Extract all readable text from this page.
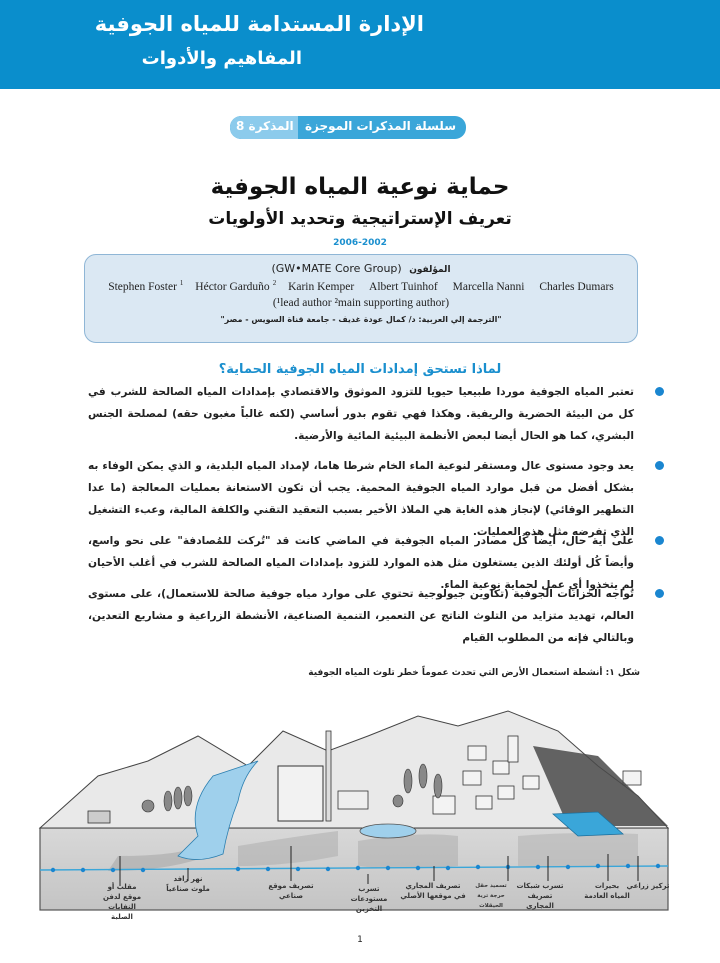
الإدارة المستدامة للمياه الجوفية
المفاهيم والأدوات
سلسلة المذكرات الموجزة
المذكرة 8
حماية نوعية المياه الجوفية
تعريف الإستراتيجية وتحديد الأولويات
2006-2002
(GW•MATE Core Group) المؤلفون
Stephen Foster $^1$ Héctor Garduño $^2$ Karin Kemper Albert Tuinhof Marcella Nanni Charles Dumars
(¹lead author ²main supporting author)
"الترجمة إلي العربية: د/ كمال عودة غديف - جامعة قناة السويس - مصر"
لماذا تستحق إمدادات المياه الجوفية الحماية؟
تعتبر المياه الجوفية موردا طبيعيا حيويا للتزود الموثوق والاقتصادي بإمدادات المياه الصالحة للشرب في كل من البيئة الحضرية والريفية. وهكذا فهي تقوم بدور أساسي (لكنه غالباً مغبون حقه) لمصلحة الجنس البشري، كما هو الحال أيضا لبعض الأنظمة البيئية المائية والأرضية.
يعد وجود مستوى عال ومستقر لنوعية الماء الخام شرطا هاما، لإمداد المياه البلدية، و الذي يمكن الوفاء به بشكل أفضل من قبل موارد المياه الجوفية المحمية. يجب أن تكون الاستعانة بعمليات المعالجة (ما عدا التطهير الوقائي) لإنجاز هذه الغاية هي الملاذ الأخير بسبب التعقيد التقني والكلفة المالية، وعبء التشغيل الذي تفرضه مثل هذه العمليات.
على أية حال، أيضاً كُل مصادر المياه الجوفية في الماضي كانت قد "تُركت للمُصادفة" على نحو واسع، وأيضاً كُل أولئك الذين يستغلون مثل هذه الموارد للتزود بإمدادات المياه الصالحة للشرب في أغلب الأحيان لم يتخذوا أي عمل لحماية نوعية الماء.
تُواجه الخزانات الجوفية (تكاوين جيولوجية تحتوي على موارد مياه جوفية صالحة للاستعمال)، على مستوى العالم، تهديد متزايد من التلوث الناتج عن التعمير، التنمية الصناعية، الأنشطة الزراعية و مشاريع التعدين، وبالتالي فإنه من المطلوب القيام
شكل ١: أنشطة استعمال الأرض التي تحدث عموماً خطر تلوث المياه الجوفية
مقلب أو موقع لدفن النفايات الصلبة
نهر رافد ملوث صناعياً	تصريف موقع صناعي
تسرب مستودعات التخزين
تصريف المجاري في موقعها الأصلي
تسميد حقل حرجة تربة الحيقلات
تسرب شبكات تصريف المجاري
بحيرات المياه العادمة
تركيز زراعي
1
